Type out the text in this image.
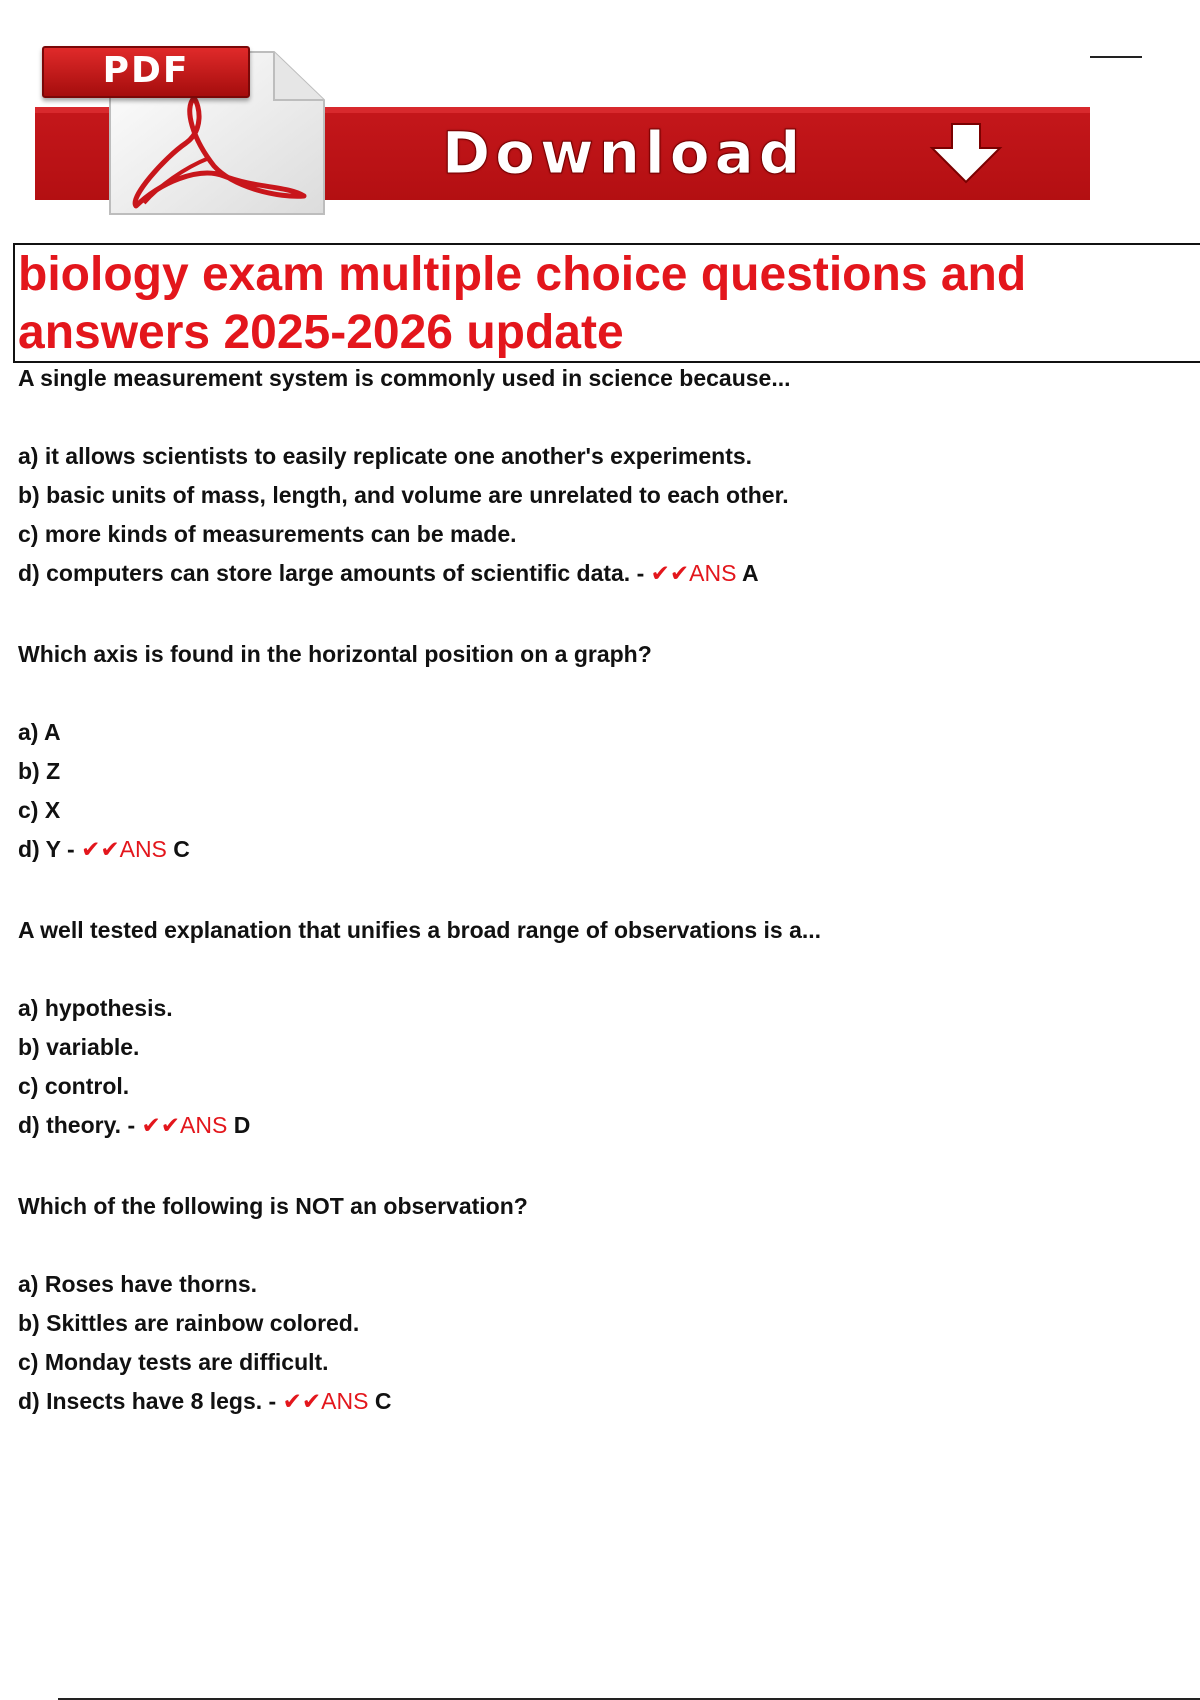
PDF
Download
biology exam multiple choice questions and answers 2025-2026 update

A single measurement system is commonly used in science because...

a) it allows scientists to easily replicate one another's experiments.
b) basic units of mass, length, and volume are unrelated to each other.
c) more kinds of measurements can be made.
d) computers can store large amounts of scientific data. - ✔✔ANS A

Which axis is found in the horizontal position on a graph?

a) A
b) Z
c) X
d) Y - ✔✔ANS C

A well tested explanation that unifies a broad range of observations is a...

a) hypothesis.
b) variable.
c) control.
d) theory. - ✔✔ANS D

Which of the following is NOT an observation?

a) Roses have thorns.
b) Skittles are rainbow colored.
c) Monday tests are difficult.
d) Insects have 8 legs. - ✔✔ANS C
